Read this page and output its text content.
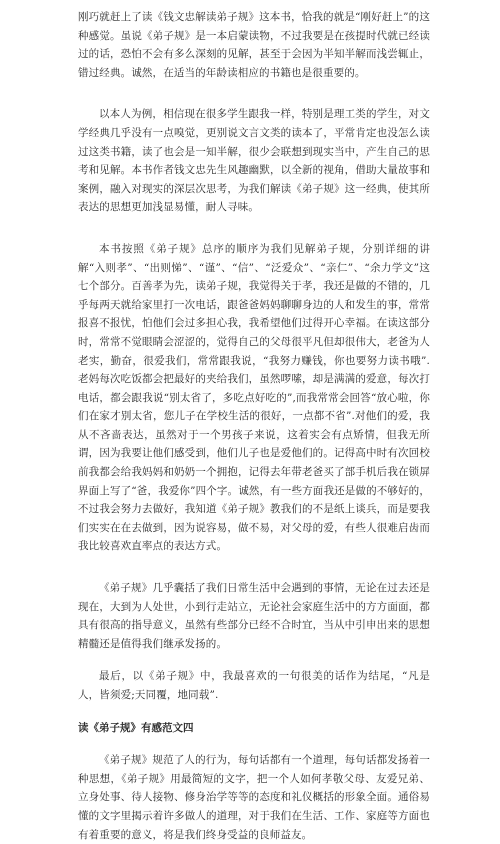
刚巧就赶上了读《钱文忠解读弟子规》这本书，恰我的就是“刚好赶上”的这种感觉。虽说《弟子规》是一本启蒙读物，不过我要是在孩提时代就已经读过的话，恐怕不会有多么深刻的见解，甚至于会因为半知半解而浅尝辄止，错过经典。诚然，在适当的年龄读相应的书籍也是很重要的。

以本人为例，相信现在很多学生跟我一样，特别是理工类的学生，对文学经典几乎没有一点嗅觉，更别说文言文类的读本了，平常肯定也没怎么读过这类书籍，读了也会是一知半解，很少会联想到现实当中，产生自己的思考和见解。本书作者钱文忠先生风趣幽默，以全新的视角，借助大量故事和案例，融入对现实的深层次思考，为我们解读《弟子规》这一经典，使其所表达的思想更加浅显易懂，耐人寻味。

本书按照《弟子规》总序的顺序为我们见解弟子规，分别详细的讲解“入则孝”、“出则悌”、“谨”、“信”、“泛爱众”、“亲仁”、“余力学文”这七个部分。百善孝为先，读弟子规，我觉得关于孝，我还是做的不错的，几乎每两天就给家里打一次电话，跟爸爸妈妈聊聊身边的人和发生的事，常常报喜不报忧，怕他们会过多担心我，我希望他们过得开心幸福。在读这部分时，常常不觉眼睛会涩涩的，觉得自己的父母很平凡但却很伟大，老爸为人老实，勤奋，很爱我们，常常跟我说，“我努力赚钱，你也要努力读书哦”.老妈每次吃饭都会把最好的夹给我们，虽然啰嗦，却是满满的爱意，每次打电话，都会跟我说“别太省了，多吃点好吃的”,而我常常会回答“放心啦，你们在家才别太省，您儿子在学校生活的很好，一点都不省”.对他们的爱，我从不吝啬表达，虽然对于一个男孩子来说，这着实会有点矫情，但我无所谓，因为我要让他们感受到，他们儿子也是爱他们的。记得高中时有次回校前我都会给我妈妈和奶奶一个拥抱，记得去年带老爸买了部手机后我在锁屏界面上写了“爸，我爱你”四个字。诚然，有一些方面我还是做的不够好的，不过我会努力去做好，我知道《弟子规》教我们的不是纸上谈兵，而是要我们实实在在去做到，因为说容易，做不易，对父母的爱，有些人很难启齿而我比较喜欢直率点的表达方式。

《弟子规》几乎囊括了我们日常生活中会遇到的事情，无论在过去还是现在，大到为人处世，小到行走站立，无论社会家庭生活中的方方面面，都具有很高的指导意义，虽然有些部分已经不合时宜，当从中引申出来的思想精髓还是值得我们继承发扬的。

最后，以《弟子规》中，我最喜欢的一句很美的话作为结尾，“凡是人，皆须爱;天同覆，地同载”.

读《弟子规》有感范文四

《弟子规》规范了人的行为，每句话都有一个道理，每句话都发扬着一种思想，《弟子规》用最简短的文字，把一个人如何孝敬父母、友爱兄弟、立身处事、待人接物、修身治学等等的态度和礼仪概括的形象全面。通俗易懂的文字里揭示着许多做人的道理，对于我们在生活、工作、家庭等方面也有着重要的意义，将是我们终身受益的良师益友。
